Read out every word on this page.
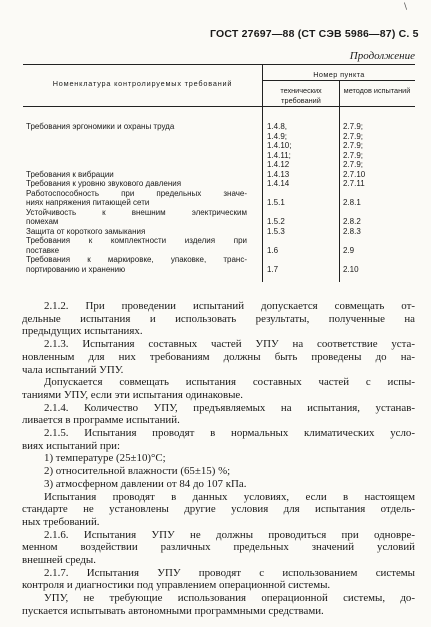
\
ГОСТ 27697—88 (СТ СЭВ 5986—87) С. 5
Продолжение
Номенклатура контролируемых требований
Номер пункта
технических требований
методов испытаний
Требования эргономики и охраны труда

Требования к вибрации
Требования к уровню звукового давления
Работоспособность при предельных значе-
ниях напряжения питающей сети
Устойчивость к внешним электрическим
помехам
Защита от короткого замыкания
Требования к комплектности изделия при
поставке
Требования к маркировке, упаковке, транс-
портированию и хранению
1.4.8,
1.4.9;
1.4.10;
1.4.11;
1.4.12
1.4.13
1.4.14
1.5.1
1.5.2
1.5.3
1.6
1.7
2.7.9;
2.7.9;
2.7.9;
2.7.9;
2.7.9;
2.7.10
2.7.11
2.8.1
2.8.2
2.8.3
2.9
2.10
2.1.2. При проведении испытаний допускается совмещать от-
дельные испытания и использовать результаты, полученные на
предыдущих испытаниях.
2.1.3. Испытания составных частей УПУ на соответствие уста-
новленным для них требованиям должны быть проведены до на-
чала испытаний УПУ.
Допускается совмещать испытания составных частей с испы-
таниями УПУ, если эти испытания одинаковые.
2.1.4. Количество УПУ, предъявляемых на испытания, устанав-
ливается в программе испытаний.
2.1.5. Испытания проводят в нормальных климатических усло-
виях испытаний при:
1) температуре (25±10)°С;
2) относительной влажности (65±15) %;
3) атмосферном давлении от 84 до 107 кПа.
Испытания проводят в данных условиях, если в настоящем
стандарте не установлены другие условия для испытания отдель-
ных требований.
2.1.6. Испытания УПУ не должны проводиться при одновре-
менном воздействии различных предельных значений условий
внешней среды.
2.1.7. Испытания УПУ проводят с использованием системы
контроля и диагностики под управлением операционной системы.
УПУ, не требующие использования операционной системы, до-
пускается испытывать автономными программными средствами.
